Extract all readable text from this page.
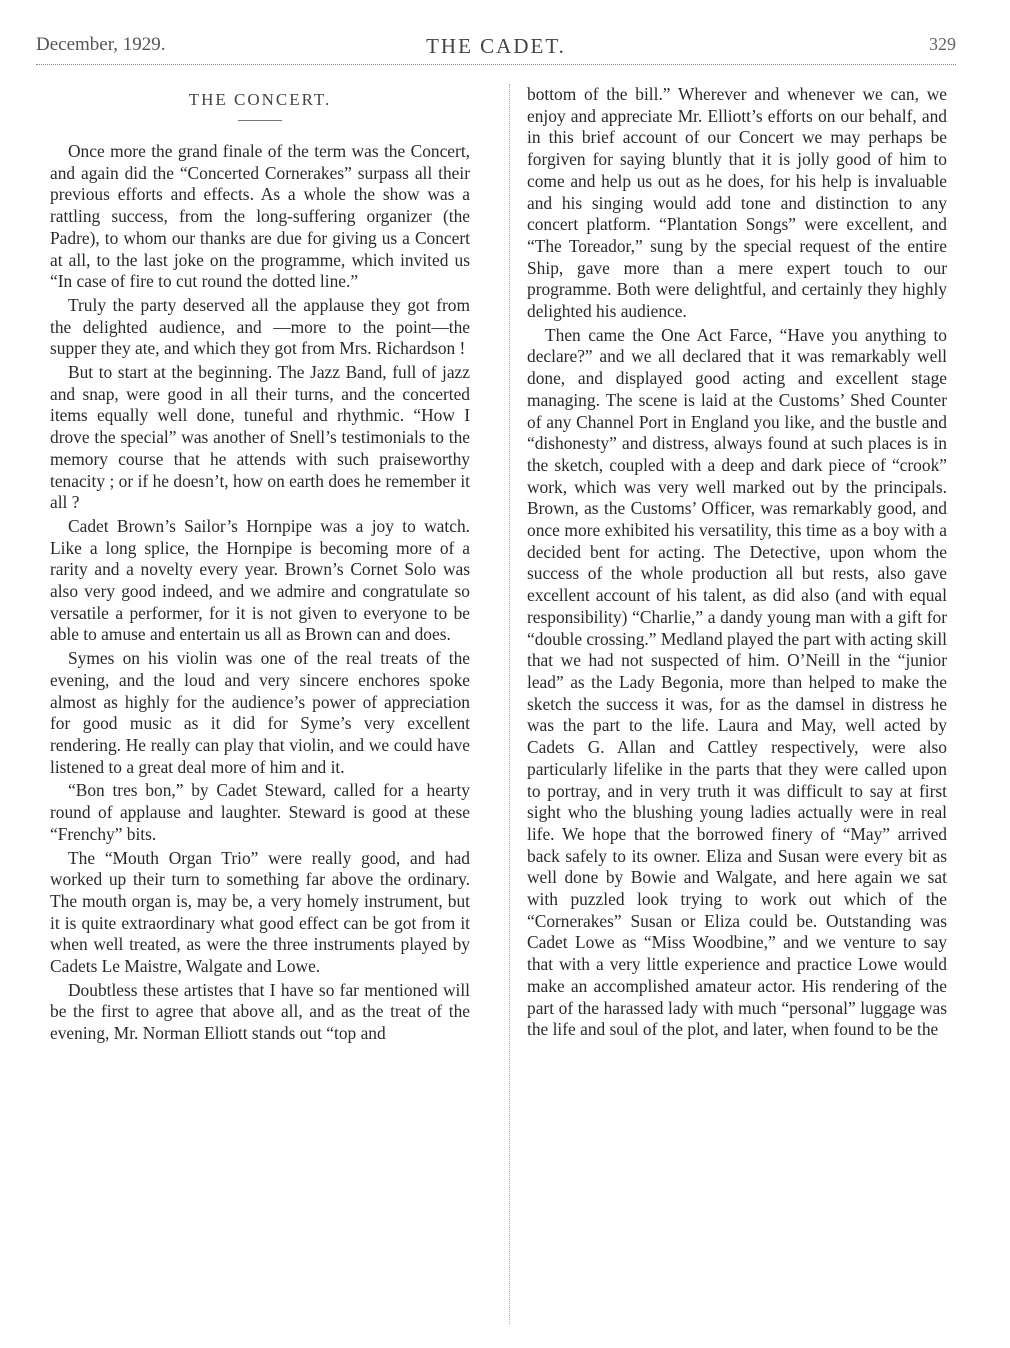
December, 1929.	THE CADET.	329
THE CONCERT.

Once more the grand finale of the term was the Concert, and again did the “Concerted Cornerakes” surpass all their previous efforts and effects. As a whole the show was a rattling success, from the long-suffering organizer (the Padre), to whom our thanks are due for giving us a Concert at all, to the last joke on the programme, which invited us “In case of fire to cut round the dotted line.”

Truly the party deserved all the applause they got from the delighted audience, and —more to the point—the supper they ate, and which they got from Mrs. Richardson !

But to start at the beginning. The Jazz Band, full of jazz and snap, were good in all their turns, and the concerted items equally well done, tuneful and rhythmic. “How I drove the special” was another of Snell’s testimonials to the memory course that he attends with such praiseworthy tenacity ; or if he doesn’t, how on earth does he remember it all ?

Cadet Brown’s Sailor’s Hornpipe was a joy to watch. Like a long splice, the Hornpipe is becoming more of a rarity and a novelty every year. Brown’s Cornet Solo was also very good indeed, and we admire and congratulate so versatile a performer, for it is not given to everyone to be able to amuse and entertain us all as Brown can and does.

Symes on his violin was one of the real treats of the evening, and the loud and very sincere enchores spoke almost as highly for the audience’s power of appreciation for good music as it did for Syme’s very excellent rendering. He really can play that violin, and we could have listened to a great deal more of him and it.

“Bon tres bon,” by Cadet Steward, called for a hearty round of applause and laughter. Steward is good at these “Frenchy” bits.

The “Mouth Organ Trio” were really good, and had worked up their turn to something far above the ordinary. The mouth organ is, may be, a very homely instrument, but it is quite extraordinary what good effect can be got from it when well treated, as were the three instruments played by Cadets Le Maistre, Walgate and Lowe.

Doubtless these artistes that I have so far mentioned will be the first to agree that above all, and as the treat of the evening, Mr. Norman Elliott stands out “top and

bottom of the bill.” Wherever and whenever we can, we enjoy and appreciate Mr. Elliott’s efforts on our behalf, and in this brief account of our Concert we may perhaps be forgiven for saying bluntly that it is jolly good of him to come and help us out as he does, for his help is invaluable and his singing would add tone and distinction to any concert platform. “Plantation Songs” were excellent, and “The Toreador,” sung by the special request of the entire Ship, gave more than a mere expert touch to our programme. Both were delightful, and certainly they highly delighted his audience.

Then came the One Act Farce, “Have you anything to declare?” and we all declared that it was remarkably well done, and displayed good acting and excellent stage managing. The scene is laid at the Customs’ Shed Counter of any Channel Port in England you like, and the bustle and “dishonesty” and distress, always found at such places is in the sketch, coupled with a deep and dark piece of “crook” work, which was very well marked out by the principals. Brown, as the Customs’ Officer, was remarkably good, and once more exhibited his versatility, this time as a boy with a decided bent for acting. The Detective, upon whom the success of the whole production all but rests, also gave excellent account of his talent, as did also (and with equal responsibility) “Charlie,” a dandy young man with a gift for “double crossing.” Medland played the part with acting skill that we had not suspected of him. O’Neill in the “junior lead” as the Lady Begonia, more than helped to make the sketch the success it was, for as the damsel in distress he was the part to the life. Laura and May, well acted by Cadets G. Allan and Cattley respectively, were also particularly lifelike in the parts that they were called upon to portray, and in very truth it was difficult to say at first sight who the blushing young ladies actually were in real life. We hope that the borrowed finery of “May” arrived back safely to its owner. Eliza and Susan were every bit as well done by Bowie and Walgate, and here again we sat with puzzled look trying to work out which of the “Cornerakes” Susan or Eliza could be. Outstanding was Cadet Lowe as “Miss Woodbine,” and we venture to say that with a very little experience and practice Lowe would make an accomplished amateur actor. His rendering of the part of the harassed lady with much “personal” luggage was the life and soul of the plot, and later, when found to be the
